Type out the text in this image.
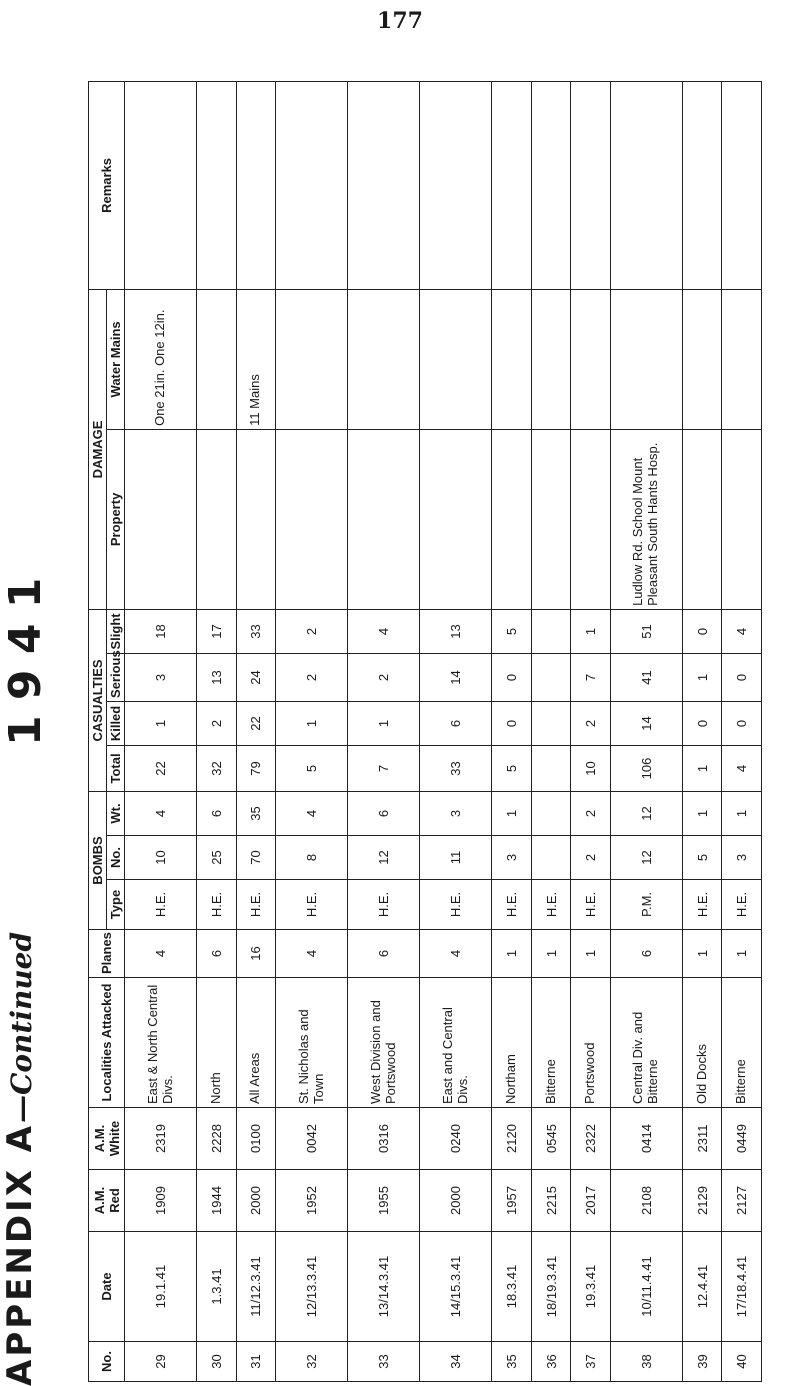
177
APPENDIX A—Continued
1 9 4 1
No.	Date	A.M. Red	A.M. White	Localities Attacked	Planes	BOMBS			CASUALTIES				DAMAGE		Remarks
						Type	No.	Wt.	Total	Killed	Serious	Slight	Property	Water Mains	
29	19.1.41	1909	2319	East & North Central Divs.	4	H.E.	10	4	22	1	3	18		One 21in. One 12in.	
30	1.3.41	1944	2228	North	6	H.E.	25	6	32	2	13	17			
31	11/12.3.41	2000	0100	All Areas	16	H.E.	70	35	79	22	24	33		11 Mains	
32	12/13.3.41	1952	0042	St. Nicholas and Town	4	H.E.	8	4	5	1	2	2			
33	13/14.3.41	1955	0316	West Division and Portswood	6	H.E.	12	6	7	1	2	4			
34	14/15.3.41	2000	0240	East and Central Divs.	4	H.E.	11	3	33	6	14	13			
35	18.3.41	1957	2120	Northam	1	H.E.	3	1	5	0	0	5			
36	18/19.3.41	2215	0545	Bitterne	1	H.E.									
37	19.3.41	2017	2322	Portswood	1	H.E.	2	2	10	2	7	1			
38	10/11.4.41	2108	0414	Central Div. and Bitterne	6	P.M.	12	12	106	14	41	51	Ludlow Rd. School Mount Pleasant South Hants Hosp.		
39	12.4.41	2129	2311	Old Docks	1	H.E.	5	1	1	0	1	0			
40	17/18.4.41	2127	0449	Bitterne	1	H.E.	3	1	4	0	0	4			
